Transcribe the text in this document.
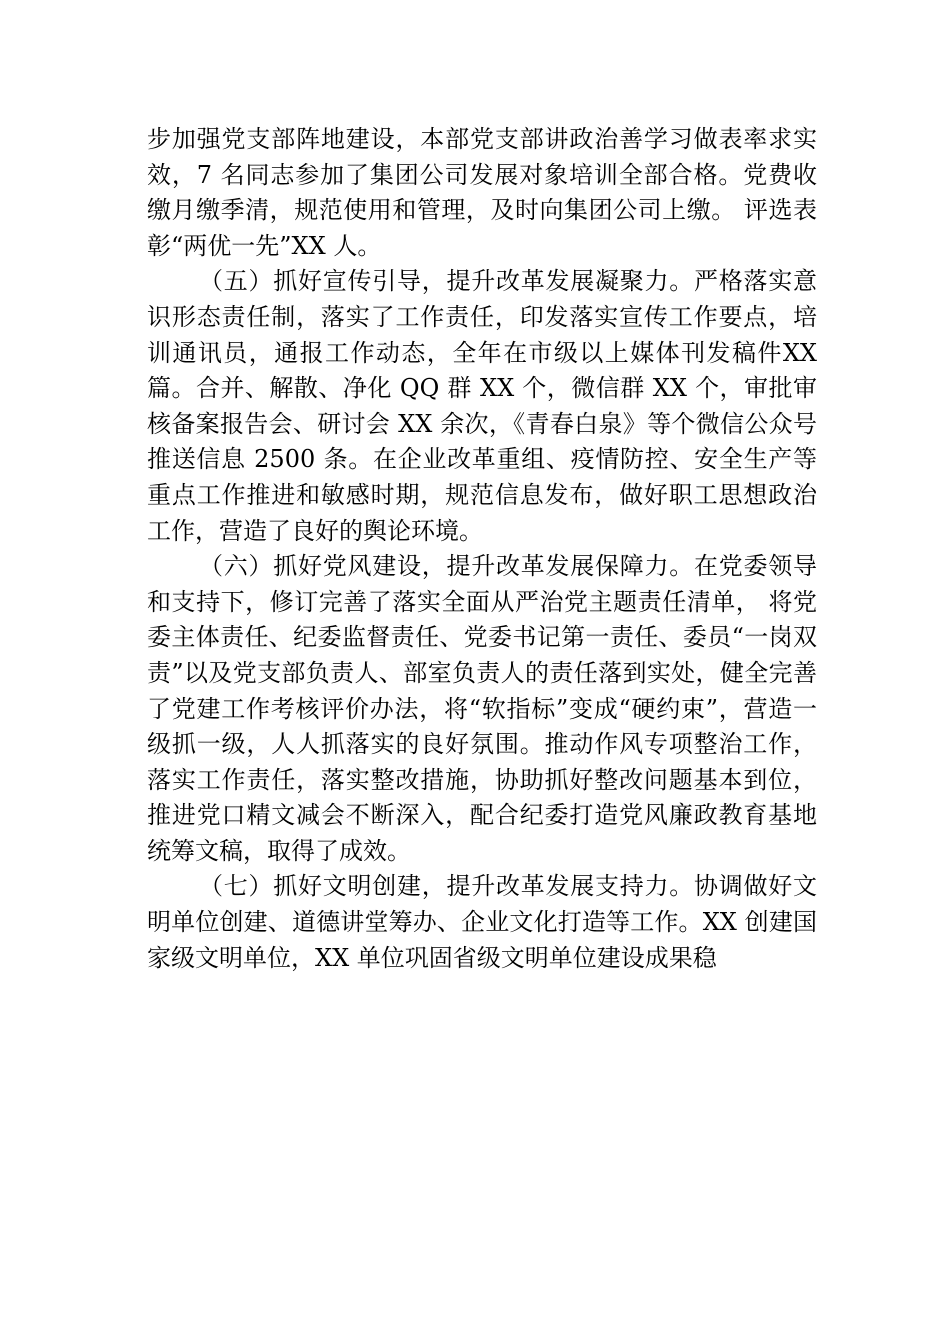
步加强党支部阵地建设，本部党支部讲政治善学习做表率求实效，7 名同志参加了集团公司发展对象培训全部合格。党费收缴月缴季清，规范使用和管理，及时向集团公司上缴。 评选表彰“两优一先”XX 人。

（五）抓好宣传引导，提升改革发展凝聚力。严格落实意识形态责任制，落实了工作责任，印发落实宣传工作要点，培训通讯员，通报工作动态，全年在市级以上媒体刊发稿件XX 篇。合并、解散、净化 QQ 群 XX 个，微信群 XX 个，审批审核备案报告会、研讨会 XX 余次，《青春白泉》等个微信公众号推送信息 2500 条。在企业改革重组、疫情防控、安全生产等重点工作推进和敏感时期，规范信息发布，做好职工思想政治工作，营造了良好的舆论环境。

（六）抓好党风建设，提升改革发展保障力。在党委领导和支持下，修订完善了落实全面从严治党主题责任清单， 将党委主体责任、纪委监督责任、党委书记第一责任、委员“一岗双责”以及党支部负责人、部室负责人的责任落到实处，健全完善了党建工作考核评价办法，将“软指标”变成“硬约束”，营造一级抓一级，人人抓落实的良好氛围。推动作风专项整治工作，落实工作责任，落实整改措施，协助抓好整改问题基本到位，推进党口精文减会不断深入，配合纪委打造党风廉政教育基地统筹文稿，取得了成效。

（七）抓好文明创建，提升改革发展支持力。协调做好文明单位创建、道德讲堂筹办、企业文化打造等工作。XX 创建国家级文明单位，XX 单位巩固省级文明单位建设成果稳
